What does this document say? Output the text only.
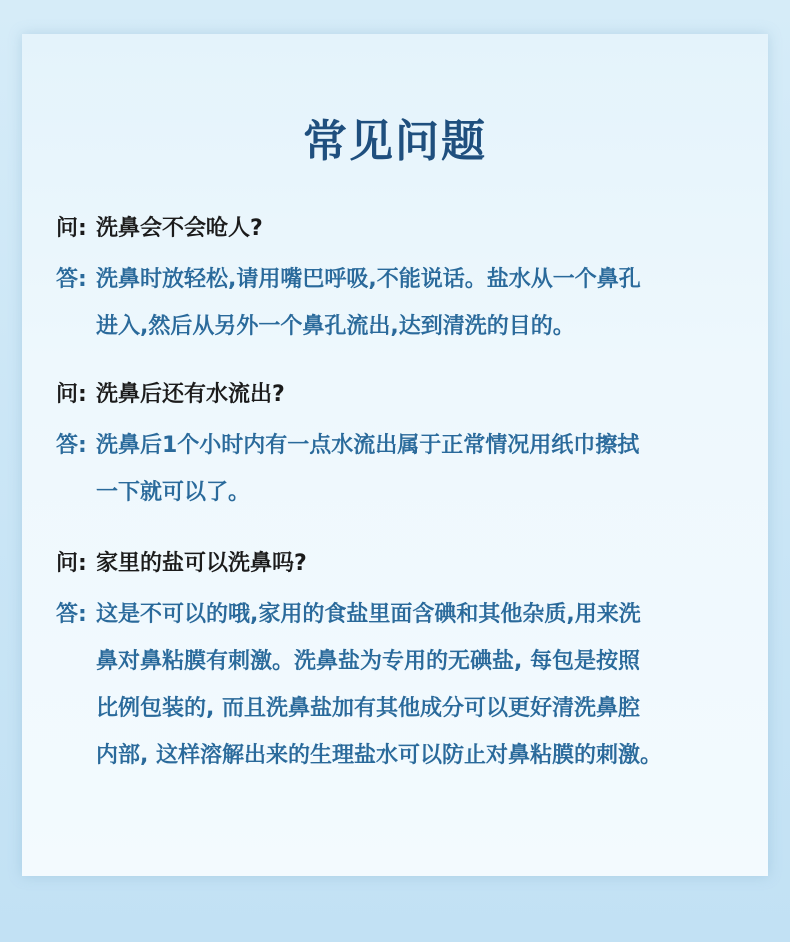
常见问题
问: 洗鼻会不会呛人?
答: 洗鼻时放轻松,请用嘴巴呼吸,不能说话。盐水从一个鼻孔
进入,然后从另外一个鼻孔流出,达到清洗的目的。
问: 洗鼻后还有水流出?
答: 洗鼻后1个小时内有一点水流出属于正常情况用纸巾擦拭
一下就可以了。
问: 家里的盐可以洗鼻吗?
答: 这是不可以的哦,家用的食盐里面含碘和其他杂质,用来洗
鼻对鼻粘膜有刺激。洗鼻盐为专用的无碘盐, 每包是按照
比例包装的, 而且洗鼻盐加有其他成分可以更好清洗鼻腔
内部, 这样溶解出来的生理盐水可以防止对鼻粘膜的刺激。
